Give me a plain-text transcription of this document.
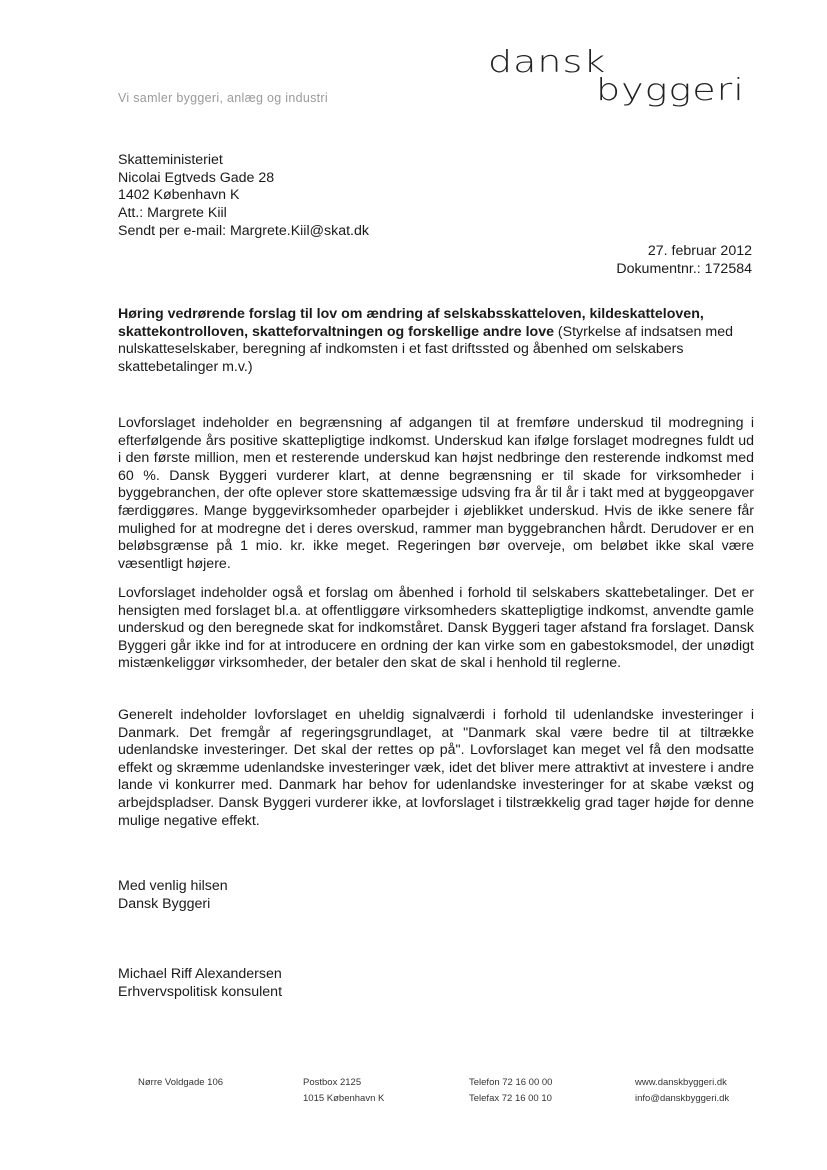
dansk
byggeri
Vi samler byggeri, anlæg og industri
Skatteministeriet
Nicolai Egtveds Gade 28
1402 København K
Att.: Margrete Kiil
Sendt per e-mail: Margrete.Kiil@skat.dk
27. februar 2012
Dokumentnr.: 172584
Høring vedrørende forslag til lov om ændring af selskabsskatteloven, kildeskatteloven, skattekontrolloven, skatteforvaltningen og forskellige andre love (Styrkelse af indsatsen med nulskatteselskaber, beregning af indkomsten i et fast driftssted og åbenhed om selskabers skattebetalinger m.v.)
Lovforslaget indeholder en begrænsning af adgangen til at fremføre underskud til modregning i efterfølgende års positive skattepligtige indkomst. Underskud kan ifølge forslaget modregnes fuldt ud i den første million, men et resterende underskud kan højst nedbringe den resterende indkomst med 60 %. Dansk Byggeri vurderer klart, at denne begrænsning er til skade for virksomheder i byggebranchen, der ofte oplever store skattemæssige udsving fra år til år i takt med at byggeopgaver færdiggøres. Mange byggevirksomheder oparbejder i øjeblikket underskud. Hvis de ikke senere får mulighed for at modregne det i deres overskud, rammer man byggebranchen hårdt. Derudover er en beløbsgrænse på 1 mio. kr. ikke meget. Regeringen bør overveje, om beløbet ikke skal være væsentligt højere.
Lovforslaget indeholder også et forslag om åbenhed i forhold til selskabers skattebetalinger. Det er hensigten med forslaget bl.a. at offentliggøre virksomheders skattepligtige indkomst, anvendte gamle underskud og den beregnede skat for indkomståret. Dansk Byggeri tager afstand fra forslaget. Dansk Byggeri går ikke ind for at introducere en ordning der kan virke som en gabestoksmodel, der unødigt mistænkeliggør virksomheder, der betaler den skat de skal i henhold til reglerne.
Generelt indeholder lovforslaget en uheldig signalværdi i forhold til udenlandske investeringer i Danmark. Det fremgår af regeringsgrundlaget, at "Danmark skal være bedre til at tiltrække udenlandske investeringer. Det skal der rettes op på". Lovforslaget kan meget vel få den modsatte effekt og skræmme udenlandske investeringer væk, idet det bliver mere attraktivt at investere i andre lande vi konkurrer med. Danmark har behov for udenlandske investeringer for at skabe vækst og arbejdspladser. Dansk Byggeri vurderer ikke, at lovforslaget i tilstrækkelig grad tager højde for denne mulige negative effekt.
Med venlig hilsen
Dansk Byggeri
Michael Riff Alexandersen
Erhvervspolitisk konsulent
Nørre Voldgade 106	Postbox 2125
1015 København K
Telefon 72 16 00 00
Telefax 72 16 00 10
www.danskbyggeri.dk
info@danskbyggeri.dk
